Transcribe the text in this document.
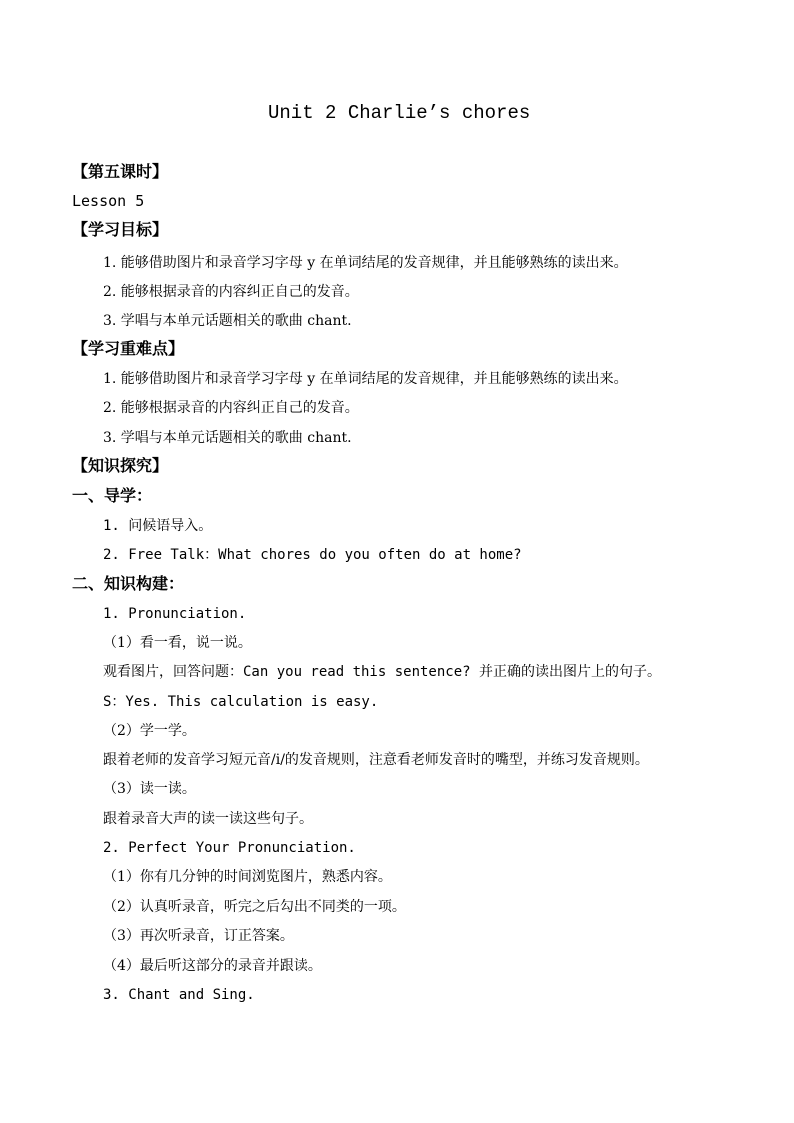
Unit 2 Charlie’s chores
【第五课时】
Lesson 5
【学习目标】
1. 能够借助图片和录音学习字母 y 在单词结尾的发音规律，并且能够熟练的读出来。
2. 能够根据录音的内容纠正自己的发音。
3. 学唱与本单元话题相关的歌曲 chant.
【学习重难点】
1. 能够借助图片和录音学习字母 y 在单词结尾的发音规律，并且能够熟练的读出来。
2. 能够根据录音的内容纠正自己的发音。
3. 学唱与本单元话题相关的歌曲 chant.
【知识探究】
一、导学：
1. 问候语导入。
2. Free Talk：What chores do you often do at home?
二、知识构建：
1. Pronunciation.
（1）看一看，说一说。
观看图片，回答问题：Can you read this sentence? 并正确的读出图片上的句子。
S：Yes. This calculation is easy.
（2）学一学。
跟着老师的发音学习短元音/i/的发音规则，注意看老师发音时的嘴型，并练习发音规则。
（3）读一读。
跟着录音大声的读一读这些句子。
2. Perfect Your Pronunciation.
（1）你有几分钟的时间浏览图片，熟悉内容。
（2）认真听录音，听完之后勾出不同类的一项。
（3）再次听录音，订正答案。
（4）最后听这部分的录音并跟读。
3. Chant and Sing.
